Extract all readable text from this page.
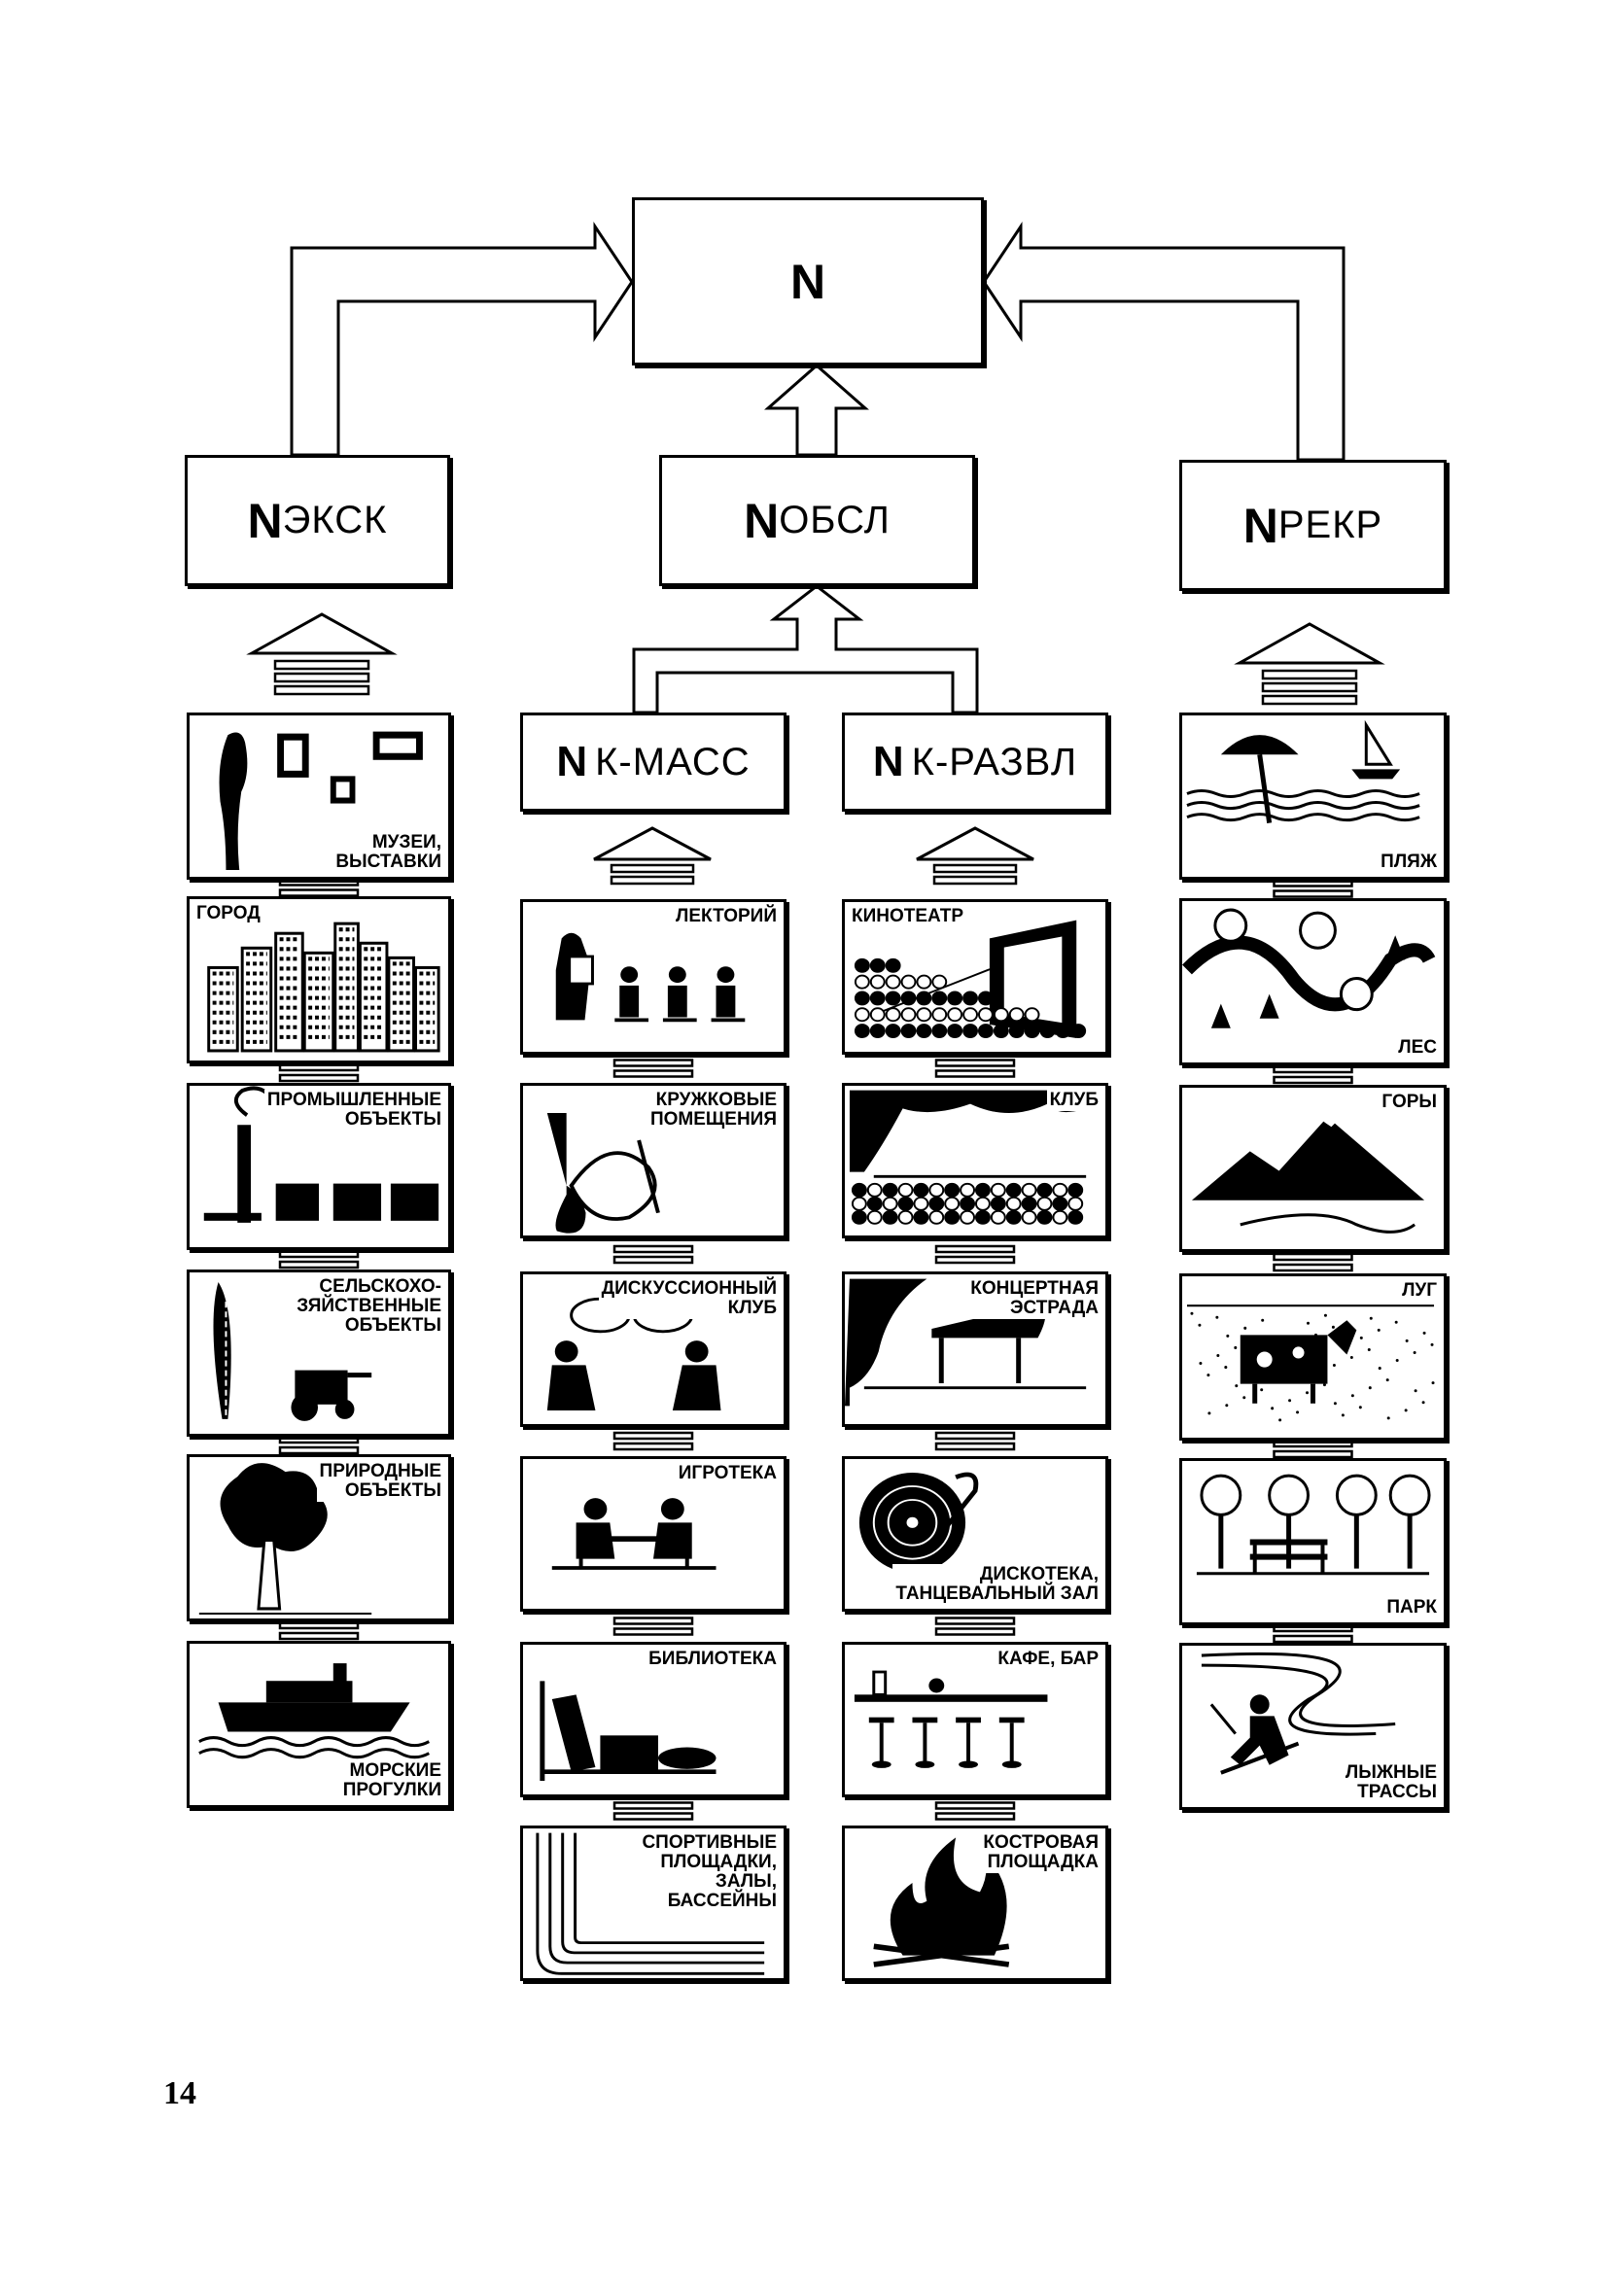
N
N ЭКСК	N ОБСЛ	N РЕКР
N К-МАСС	N К-РАЗВЛ
МУЗЕИ,
ВЫСТАВКИ
ГОРОД
ПРОМЫШЛЕННЫЕ
ОБЪЕКТЫ
СЕЛЬСКОХО-
ЗЯЙСТВЕННЫЕ
ОБЪЕКТЫ
ПРИРОДНЫЕ
ОБЪЕКТЫ
МОРСКИЕ
ПРОГУЛКИ
ЛЕКТОРИЙ
КРУЖКОВЫЕ
ПОМЕЩЕНИЯ
ДИСКУССИОННЫЙ
КЛУБ
ИГРОТЕКА
БИБЛИОТЕКА
СПОРТИВНЫЕ
ПЛОЩАДКИ,
ЗАЛЫ,
БАССЕЙНЫ
КИНОТЕАТР
КЛУБ
КОНЦЕРТНАЯ
ЭСТРАДА
ДИСКОТЕКА,
ТАНЦЕВАЛЬНЫЙ ЗАЛ
КАФЕ, БАР
КОСТРОВАЯ
ПЛОЩАДКА
ПЛЯЖ
ЛЕС
ГОРЫ
ЛУГ
ПАРК
ЛЫЖНЫЕ
ТРАССЫ
14
